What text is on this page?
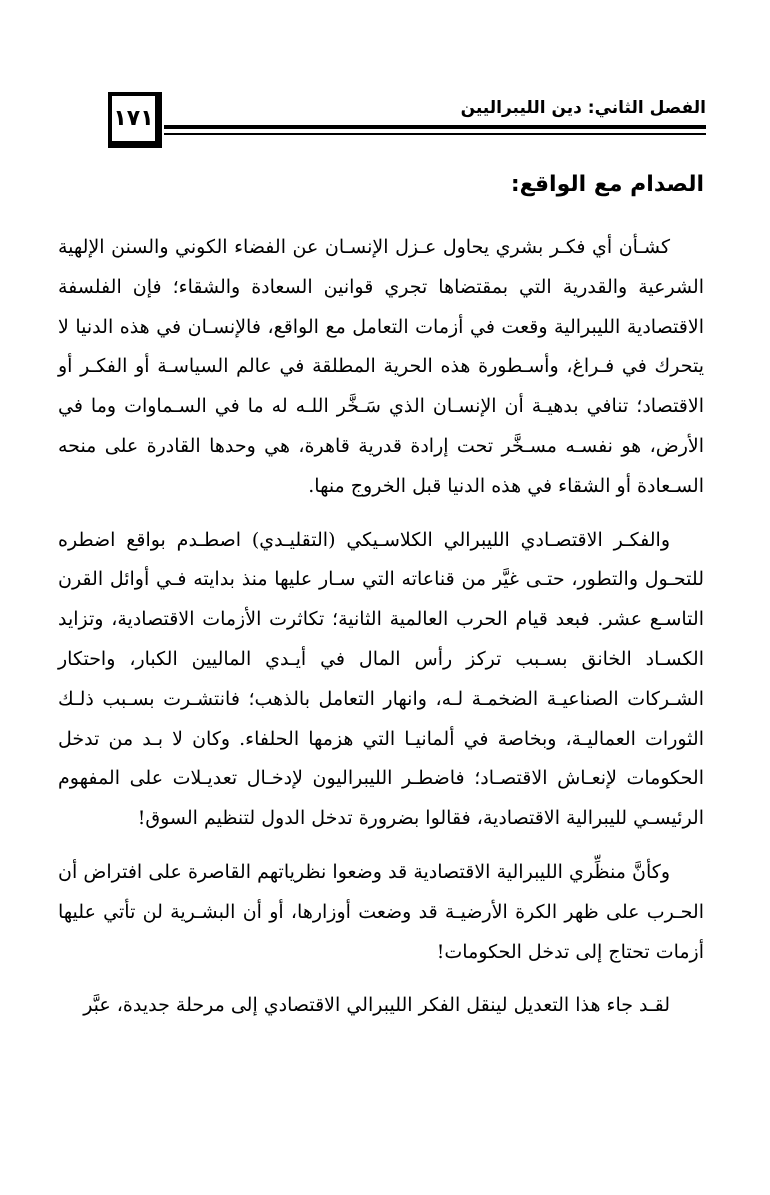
١٧١	الفصل الثاني: دين الليبراليين
الصدام مع الواقع:

كشـأن أي فكـر بشري يحاول عـزل الإنسـان عن الفضاء الكوني والسنن الإلهية الشرعية والقدرية التي بمقتضاها تجري قوانين السعادة والشقاء؛ فإن الفلسفة الاقتصادية الليبرالية وقعت في أزمات التعامل مع الواقع، فالإنسـان في هذه الدنيا لا يتحرك في فـراغ، وأسـطورة هذه الحرية المطلقة في عالم السياسـة أو الفكـر أو الاقتصاد؛ تنافي بدهيـة أن الإنسـان الذي سَـخَّر اللـه له ما في السـماوات وما في الأرض، هو نفسـه مسـخَّر تحت إرادة قدرية قاهرة، هي وحدها القادرة على منحه السـعادة أو الشقاء في هذه الدنيا قبل الخروج منها.

والفكـر الاقتصـادي الليبرالي الكلاسـيكي (التقليـدي) اصطـدم بواقع اضطره للتحـول والتطور، حتـى غيَّر من قناعاته التي سـار عليها منذ بدايته فـي أوائل القرن التاسـع عشر. فبعد قيام الحرب العالمية الثانية؛ تكاثرت الأزمات الاقتصادية، وتزايد الكسـاد الخانق بسـبب تركز رأس المال في أيـدي الماليين الكبار، واحتكار الشـركات الصناعيـة الضخمـة لـه، وانهار التعامل بالذهب؛ فانتشـرت بسـبب ذلـك الثورات العماليـة، وبخاصة في ألمانيـا التي هزمها الحلفاء. وكان لا بـد من تدخل الحكومات لإنعـاش الاقتصـاد؛ فاضطـر الليبراليون لإدخـال تعديـلات على المفهوم الرئيسـي لليبرالية الاقتصادية، فقالوا بضرورة تدخل الدول لتنظيم السوق!

وكأنَّ منظِّري الليبرالية الاقتصادية قد وضعوا نظرياتهم القاصرة على افتراض أن الحـرب على ظهر الكرة الأرضيـة قد وضعت أوزارها، أو أن البشـرية لن تأتي عليها أزمات تحتاج إلى تدخل الحكومات!

لقـد جاء هذا التعديل لينقل الفكر الليبرالي الاقتصادي إلى مرحلة جديدة، عبَّر
